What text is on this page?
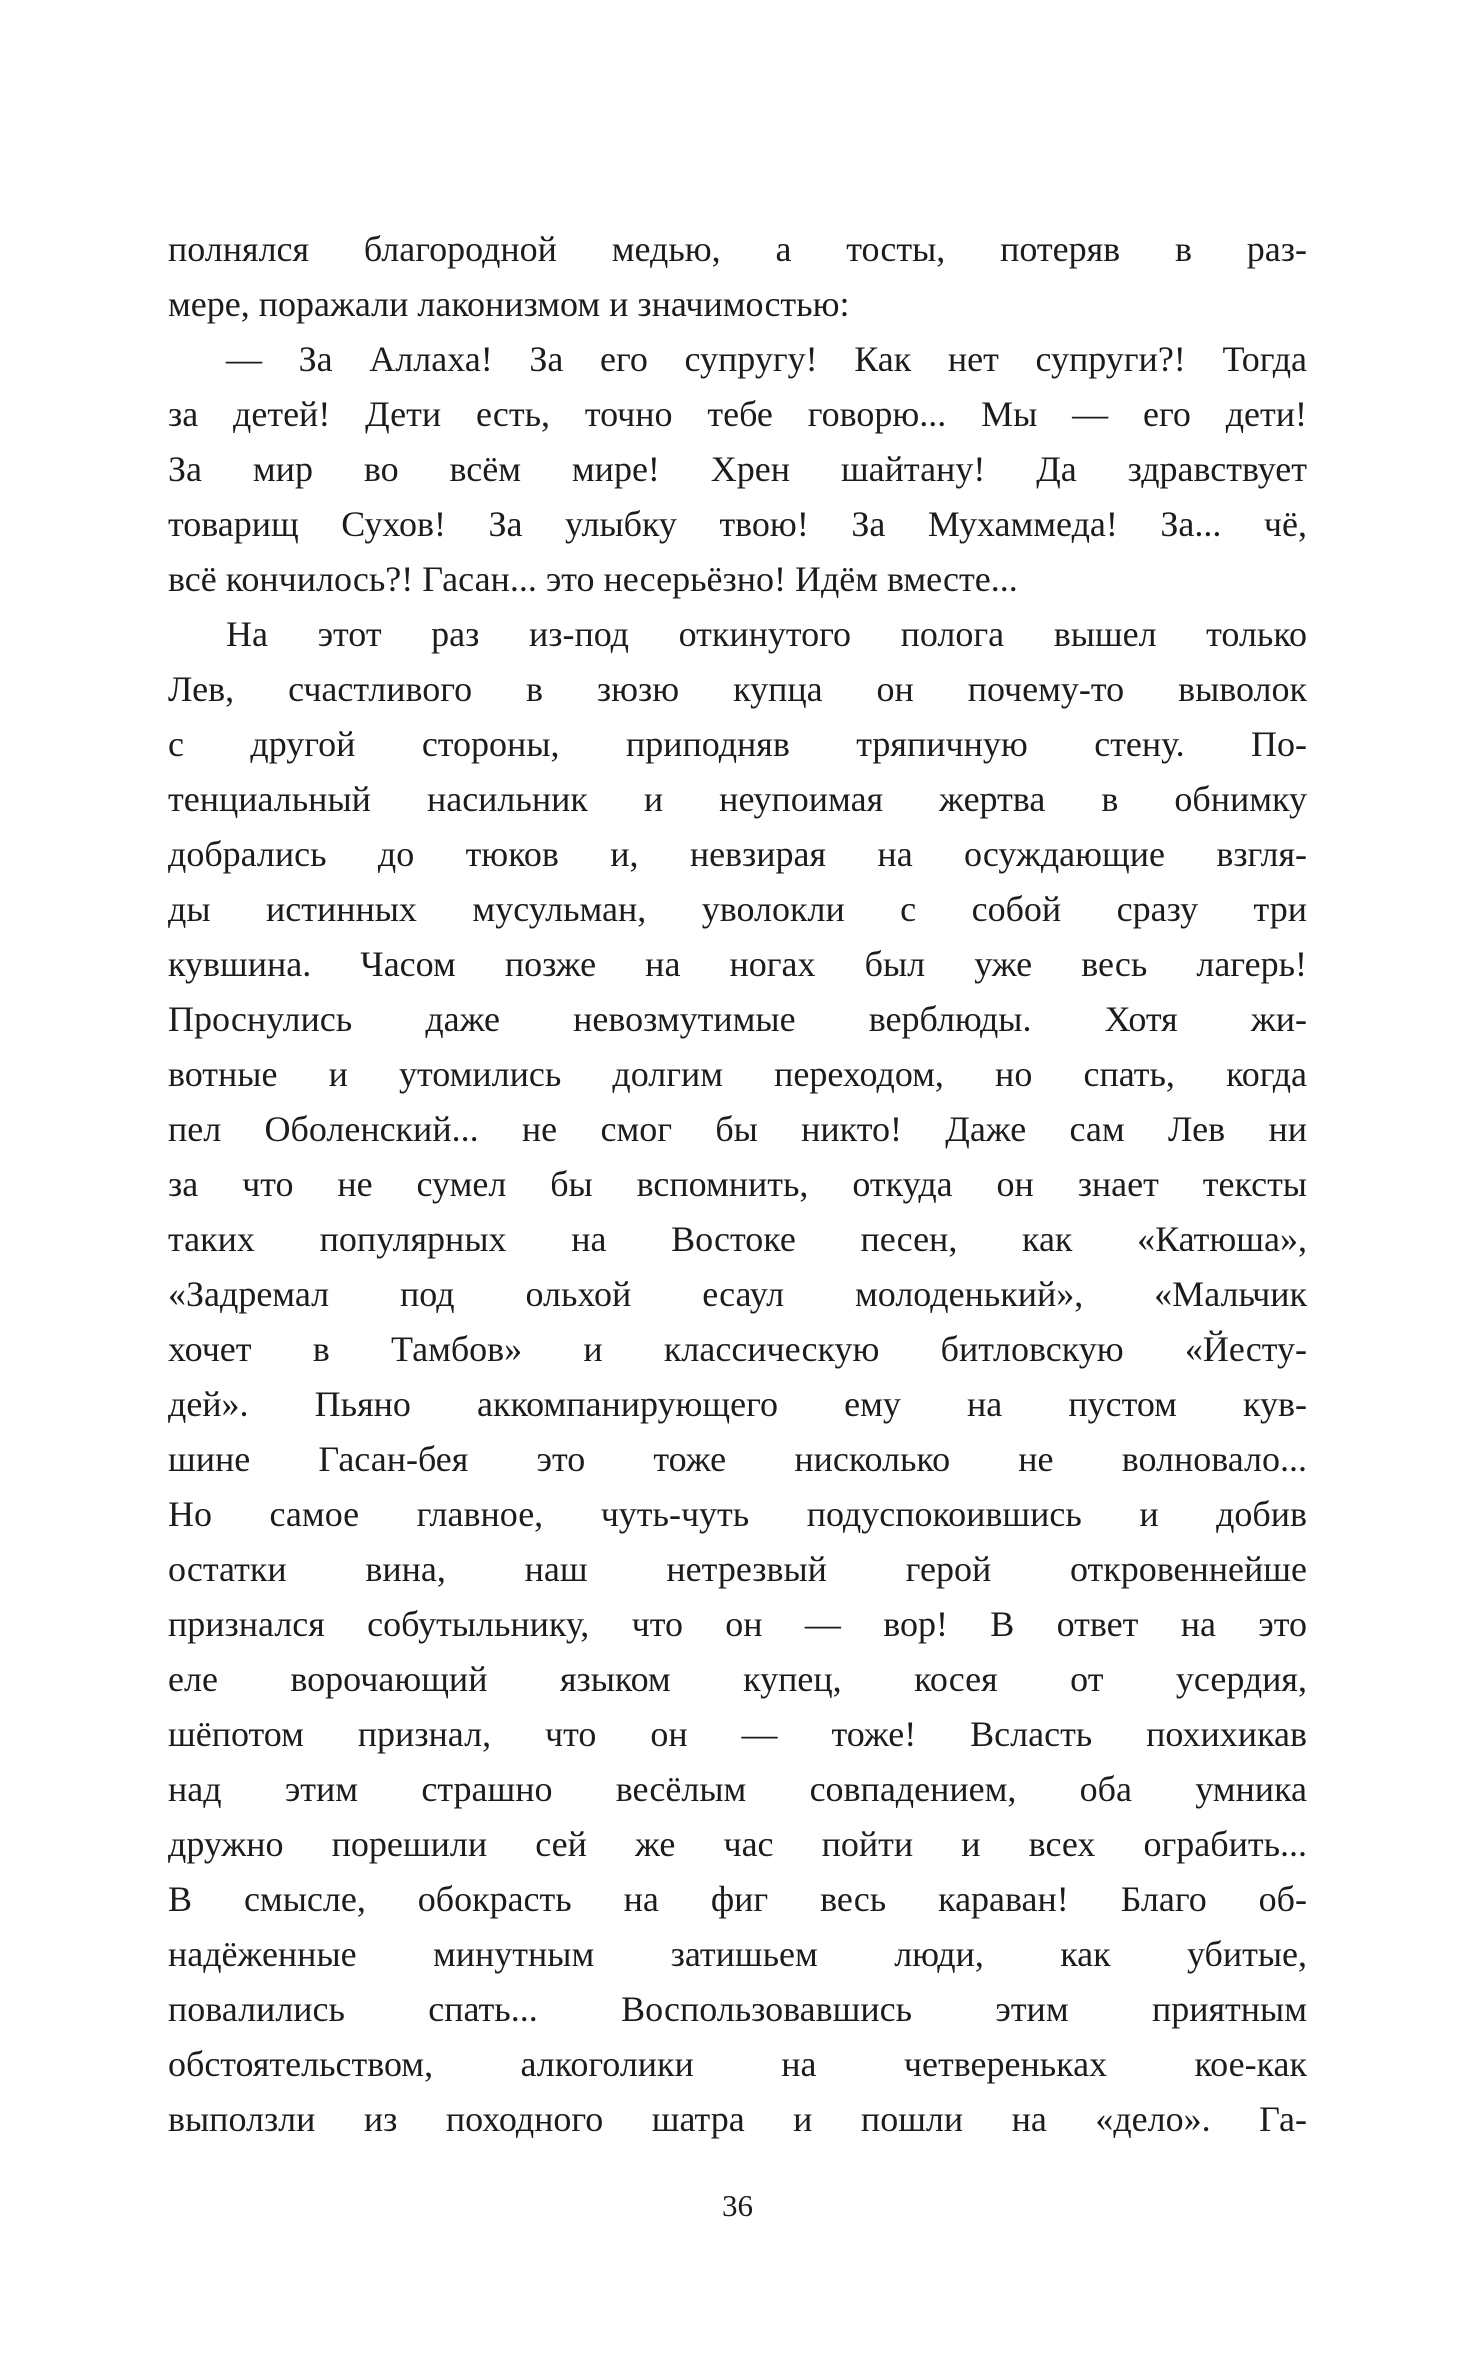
полнялся благородной медью, а тосты, потеряв в раз-
мере, поражали лаконизмом и значимостью:
— За Аллаха! За его супругу! Как нет супруги?! Тогда
за детей! Дети есть, точно тебе говорю... Мы — его дети!
За мир во всём мире! Хрен шайтану! Да здравствует
товарищ Сухов! За улыбку твою! За Мухаммеда! За... чё,
всё кончилось?! Гасан... это несерьёзно! Идём вместе...
На этот раз из-под откинутого полога вышел только
Лев, счастливого в зюзю купца он почему-то выволок
с другой стороны, приподняв тряпичную стену. По-
тенциальный насильник и неупоимая жертва в обнимку
добрались до тюков и, невзирая на осуждающие взгля-
ды истинных мусульман, уволокли с собой сразу три
кувшина. Часом позже на ногах был уже весь лагерь!
Проснулись даже невозмутимые верблюды. Хотя жи-
вотные и утомились долгим переходом, но спать, когда
пел Оболенский... не смог бы никто! Даже сам Лев ни
за что не сумел бы вспомнить, откуда он знает тексты
таких популярных на Востоке песен, как «Катюша»,
«Задремал под ольхой есаул молоденький», «Мальчик
хочет в Тамбов» и классическую битловскую «Йесту-
дей». Пьяно аккомпанирующего ему на пустом кув-
шине Гасан-бея это тоже нисколько не волновало...
Но самое главное, чуть-чуть подуспокоившись и добив
остатки вина, наш нетрезвый герой откровеннейше
признался собутыльнику, что он — вор! В ответ на это
еле ворочающий языком купец, косея от усердия,
шёпотом признал, что он — тоже! Всласть похихикав
над этим страшно весёлым совпадением, оба умника
дружно порешили сей же час пойти и всех ограбить...
В смысле, обокрасть на фиг весь караван! Благо об-
надёженные минутным затишьем люди, как убитые,
повалились спать... Воспользовавшись этим приятным
обстоятельством, алкоголики на четвереньках кое-как
выползли из походного шатра и пошли на «дело». Га-
36
